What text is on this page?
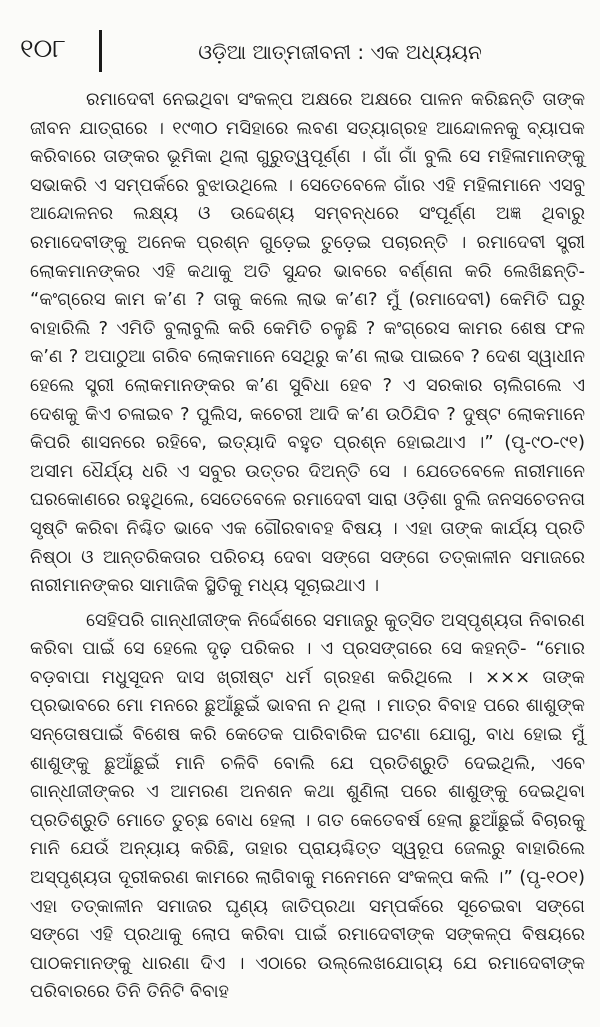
୧୦୮	ଓଡ଼ିଆ ଆତ୍ମଜୀବନୀ : ଏକ ଅଧ୍ୟୟନ

ରମାଦେବୀ ନେଇଥିବା ସଂକଳ୍ପ ଅକ୍ଷରେ ଅକ୍ଷରେ ପାଳନ କରିଛନ୍ତି ତାଙ୍କ ଜୀବନ ଯାତ୍ରାରେ । ୧୯୩୦ ମସିହାରେ ଲବଣ ସତ୍ୟାଗ୍ରହ ଆନ୍ଦୋଳନକୁ ବ୍ୟାପକ କରିବାରେ ତାଙ୍କର ଭୂମିକା ଥିଲା ଗୁରୁତ୍ୱପୂର୍ଣ୍ଣ । ଗାଁ ଗାଁ ବୁଲି ସେ ମହିଳାମାନଙ୍କୁ ସଭାକରି ଏ ସମ୍ପର୍କରେ ବୁଝାଉଥିଲେ । ସେତେବେଳେ ଗାଁର ଏହି ମହିଳାମାନେ ଏସବୁ ଆନ୍ଦୋଳନର ଲକ୍ଷ୍ୟ ଓ ଉଦ୍ଦେଶ୍ୟ ସମ୍ବନ୍ଧରେ ସଂପୂର୍ଣ୍ଣ ଅଜ୍ଞ ଥିବାରୁ ରମାଦେବୀଙ୍କୁ ଅନେକ ପ୍ରଶ୍ନ ଗୁଡ଼େଇ ତୁଡ଼େଇ ପଚାରନ୍ତି । ରମାଦେବୀ ସ୍ତ୍ରୀ ଲୋକମାନଙ୍କର ଏହି କଥାକୁ ଅତି ସୁନ୍ଦର ଭାବରେ ବର୍ଣ୍ଣନା କରି ଲେଖିଛନ୍ତି- “କଂଗ୍ରେସ କାମ କ’ଣ ? ତାକୁ କଲେ ଲାଭ କ’ଣ? ମୁଁ (ରମାଦେବୀ) କେମିତି ଘରୁ ବାହାରିଲି ? ଏମିତି ବୁଲାବୁଲି କରି କେମିତି ଚଳୁଛି ? କଂଗ୍ରେସ କାମର ଶେଷ ଫଳ କ’ଣ ? ଅପାଠୁଆ ଗରିବ ଲୋକମାନେ ସେଥିରୁ କ’ଣ ଲାଭ ପାଇବେ ? ଦେଶ ସ୍ୱାଧୀନ ହେଲେ ସ୍ତ୍ରୀ ଲୋକମାନଙ୍କର କ’ଣ ସୁବିଧା ହେବ ? ଏ ସରକାର ଚାଲିଗଲେ ଏ ଦେଶକୁ କିଏ ଚଳାଇବ ? ପୁଲିସ, କଚେରୀ ଆଦି କ’ଣ ଉଠିଯିବ ? ଦୁଷ୍ଟ ଲୋକମାନେ କିପରି ଶାସନରେ ରହିବେ, ଇତ୍ୟାଦି ବହୁତ ପ୍ରଶ୍ନ ହୋଇଥାଏ ।” (ପୃ-୯୦-୯୧) ଅସୀମ ଧୈର୍ଯ୍ୟ ଧରି ଏ ସବୁର ଉତ୍ତର ଦିଅନ୍ତି ସେ । ଯେତେବେଳେ ନାରୀମାନେ ଘରକୋଣରେ ରହୁଥିଲେ, ସେତେବେଳେ ରମାଦେବୀ ସାରା ଓଡ଼ିଶା ବୁଲି ଜନସଚେତନତା ସୃଷ୍ଟି କରିବା ନିଶ୍ଚିତ ଭାବେ ଏକ ଗୌରବାବହ ବିଷୟ । ଏହା ତାଙ୍କ କାର୍ଯ୍ୟ ପ୍ରତି ନିଷ୍ଠା ଓ ଆନ୍ତରିକତାର ପରିଚୟ ଦେବା ସଙ୍ଗେ ସଙ୍ଗେ ତତ୍କାଳୀନ ସମାଜରେ ନାରୀମାନଙ୍କର ସାମାଜିକ ସ୍ଥିତିକୁ ମଧ୍ୟ ସୂଚାଇଥାଏ ।

ସେହିପରି ଗାନ୍ଧୀଜୀଙ୍କ ନିର୍ଦ୍ଦେଶରେ ସମାଜରୁ କୁତ୍ସିତ ଅସ୍ପୃଶ୍ୟତା ନିବାରଣ କରିବା ପାଇଁ ସେ ହେଲେ ଦୃଢ଼ ପରିକର । ଏ ପ୍ରସଙ୍ଗରେ ସେ କହନ୍ତି- “ମୋର ବଡ଼ବାପା ମଧୁସୂଦନ ଦାସ ଖ୍ରୀଷ୍ଟ ଧର୍ମ ଗ୍ରହଣ କରିଥିଲେ । ××× ତାଙ୍କ ପ୍ରଭାବରେ ମୋ ମନରେ ଛୁଆଁଛୁଇଁ ଭାବନା ନ ଥିଲା । ମାତ୍ର ବିବାହ ପରେ ଶାଶୁଙ୍କ ସନ୍ତୋଷପାଇଁ ବିଶେଷ କରି କେତେକ ପାରିବାରିକ ଘଟଣା ଯୋଗୁ, ବାଧ ହୋଇ ମୁଁ ଶାଶୁଙ୍କୁ ଛୁଆଁଛୁଇଁ ମାନି ଚଳିବି ବୋଲି ଯେ ପ୍ରତିଶ୍ରୁତି ଦେଇଥିଲି, ଏବେ ଗାନ୍ଧୀଜୀଙ୍କର ଏ ଆମରଣ ଅନଶନ କଥା ଶୁଣିଲା ପରେ ଶାଶୁଙ୍କୁ ଦେଇଥିବା ପ୍ରତିଶ୍ରୁତି ମୋତେ ତୁଚ୍ଛ ବୋଧ ହେଲା । ଗତ କେତେବର୍ଷ ହେଲା ଛୁଆଁଛୁଇଁ ବିଚାରକୁ ମାନି ଯେଉଁ ଅନ୍ୟାୟ କରିଛି, ତାହାର ପ୍ରାୟଶ୍ଚିତ୍ତ ସ୍ୱରୂପ ଜେଲରୁ ବାହାରିଲେ ଅସ୍ପୃଶ୍ୟତା ଦୂରୀକରଣ କାମରେ ଲାଗିବାକୁ ମନେମନେ ସଂକଳ୍ପ କଲି ।” (ପୃ-୧୦୧) ଏହା ତତ୍କାଳୀନ ସମାଜର ଘୃଣ୍ୟ ଜାତିପ୍ରଥା ସମ୍ପର୍କରେ ସୂଚେଇବା ସଙ୍ଗେ ସଙ୍ଗେ ଏହି ପ୍ରଥାକୁ ଲୋପ କରିବା ପାଇଁ ରମାଦେବୀଙ୍କ ସଙ୍କଳ୍ପ ବିଷୟରେ ପାଠକମାନଙ୍କୁ ଧାରଣା ଦିଏ । ଏଠାରେ ଉଲ୍ଲେଖଯୋଗ୍ୟ ଯେ ରମାଦେବୀଙ୍କ ପରିବାରରେ ତିନି ତିନିଟି ବିବାହ
